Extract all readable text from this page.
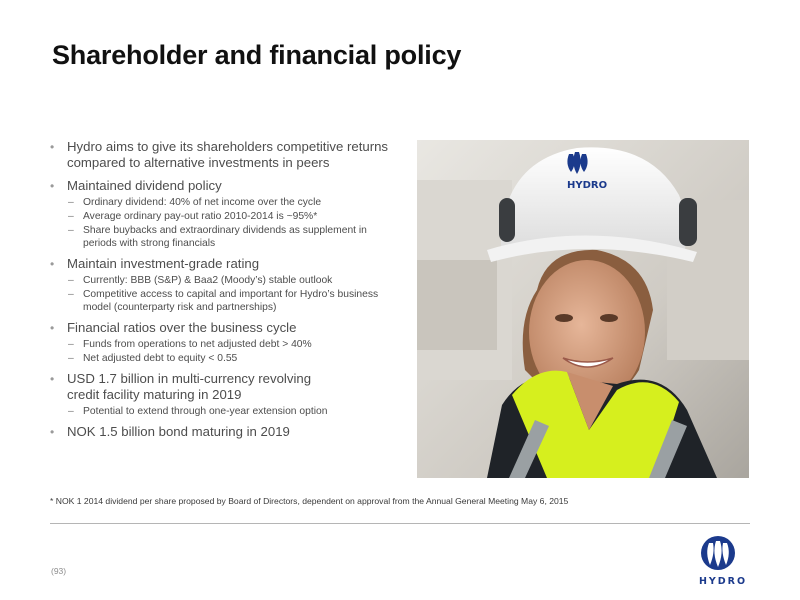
Shareholder and financial policy
• Hydro aims to give its shareholders competitive returns compared to alternative investments in peers
• Maintained dividend policy
– Ordinary dividend: 40% of net income over the cycle
– Average ordinary pay-out ratio 2010-2014 is ~95%*
– Share buybacks and extraordinary dividends as supplement in periods with strong financials
• Maintain investment-grade rating
– Currently: BBB (S&P) & Baa2 (Moody’s) stable outlook
– Competitive access to capital and important for Hydro’s business model (counterparty risk and partnerships)
• Financial ratios over the business cycle
– Funds from operations to net adjusted debt > 40%
– Net adjusted debt to equity < 0.55
• USD 1.7 billion in multi-currency revolving credit facility maturing in 2019
– Potential to extend through one-year extension option
• NOK 1.5 billion bond maturing in 2019
HYDRO
* NOK 1 2014 dividend per share proposed by Board of Directors, dependent on approval from the Annual General Meeting May 6, 2015
(93)
HYDRO
